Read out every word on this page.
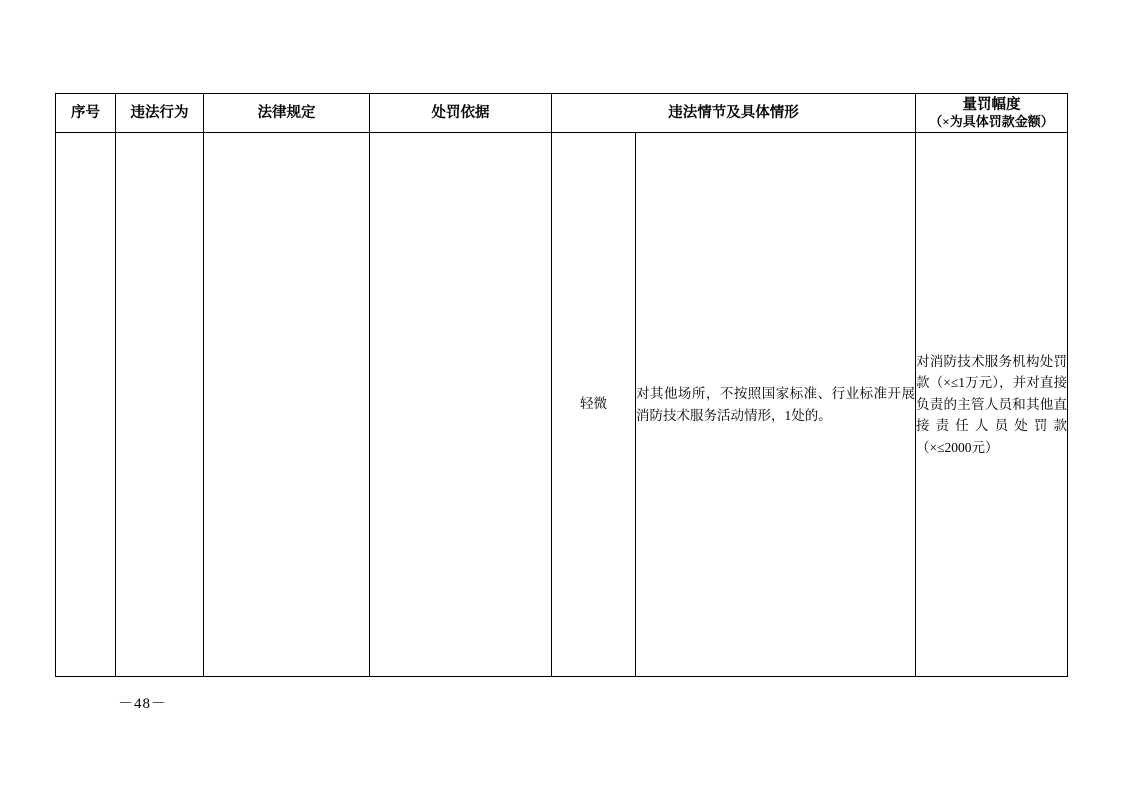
序号	违法行为	法律规定	处罚依据	违法情节及具体情形		量罚幅度
（×为具体罚款金额）

				轻微	对其他场所，不按照国家标准、行业标准开展消防技术服务活动情形，1处的。	对消防技术服务机构处罚款（×≤1万元），并对直接负责的主管人员和其他直接责任人员处罚款（×≤2000元）
－48－
